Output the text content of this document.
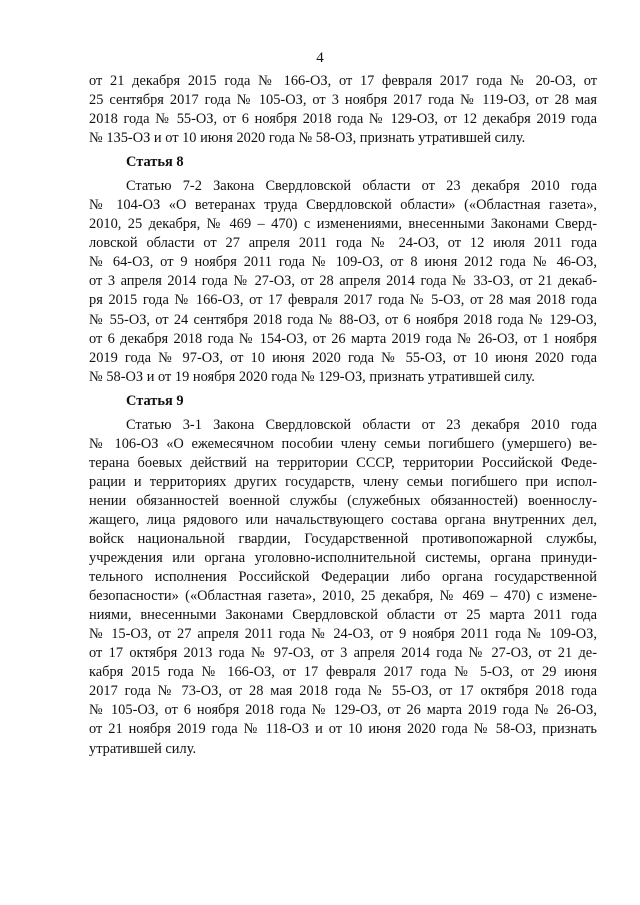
4
от 21 декабря 2015 года № 166-ОЗ, от 17 февраля 2017 года № 20-ОЗ, от
25 сентября 2017 года № 105-ОЗ, от 3 ноября 2017 года № 119-ОЗ, от 28 мая
2018 года № 55-ОЗ, от 6 ноября 2018 года № 129-ОЗ, от 12 декабря 2019 года
№ 135-ОЗ и от 10 июня 2020 года № 58-ОЗ, признать утратившей силу.
Статья 8
Статью 7-2 Закона Свердловской области от 23 декабря 2010 года
№ 104-ОЗ «О ветеранах труда Свердловской области» («Областная газета»,
2010, 25 декабря, № 469 – 470) с изменениями, внесенными Законами Сверд-
ловской области от 27 апреля 2011 года № 24-ОЗ, от 12 июля 2011 года
№ 64-ОЗ, от 9 ноября 2011 года № 109-ОЗ, от 8 июня 2012 года № 46-ОЗ,
от 3 апреля 2014 года № 27-ОЗ, от 28 апреля 2014 года № 33-ОЗ, от 21 декаб-
ря 2015 года № 166-ОЗ, от 17 февраля 2017 года № 5-ОЗ, от 28 мая 2018 года
№ 55-ОЗ, от 24 сентября 2018 года № 88-ОЗ, от 6 ноября 2018 года № 129-ОЗ,
от 6 декабря 2018 года № 154-ОЗ, от 26 марта 2019 года № 26-ОЗ, от 1 ноября
2019 года № 97-ОЗ, от 10 июня 2020 года № 55-ОЗ, от 10 июня 2020 года
№ 58-ОЗ и от 19 ноября 2020 года № 129-ОЗ, признать утратившей силу.
Статья 9
Статью 3-1 Закона Свердловской области от 23 декабря 2010 года
№ 106-ОЗ «О ежемесячном пособии члену семьи погибшего (умершего) ве-
терана боевых действий на территории СССР, территории Российской Феде-
рации и территориях других государств, члену семьи погибшего при испол-
нении обязанностей военной службы (служебных обязанностей) военнослу-
жащего, лица рядового или начальствующего состава органа внутренних дел,
войск национальной гвардии, Государственной противопожарной службы,
учреждения или органа уголовно-исполнительной системы, органа принуди-
тельного исполнения Российской Федерации либо органа государственной
безопасности» («Областная газета», 2010, 25 декабря, № 469 – 470) с измене-
ниями, внесенными Законами Свердловской области от 25 марта 2011 года
№ 15-ОЗ, от 27 апреля 2011 года № 24-ОЗ, от 9 ноября 2011 года № 109-ОЗ,
от 17 октября 2013 года № 97-ОЗ, от 3 апреля 2014 года № 27-ОЗ, от 21 де-
кабря 2015 года № 166-ОЗ, от 17 февраля 2017 года № 5-ОЗ, от 29 июня
2017 года № 73-ОЗ, от 28 мая 2018 года № 55-ОЗ, от 17 октября 2018 года
№ 105-ОЗ, от 6 ноября 2018 года № 129-ОЗ, от 26 марта 2019 года № 26-ОЗ,
от 21 ноября 2019 года № 118-ОЗ и от 10 июня 2020 года № 58-ОЗ, признать
утратившей силу.
